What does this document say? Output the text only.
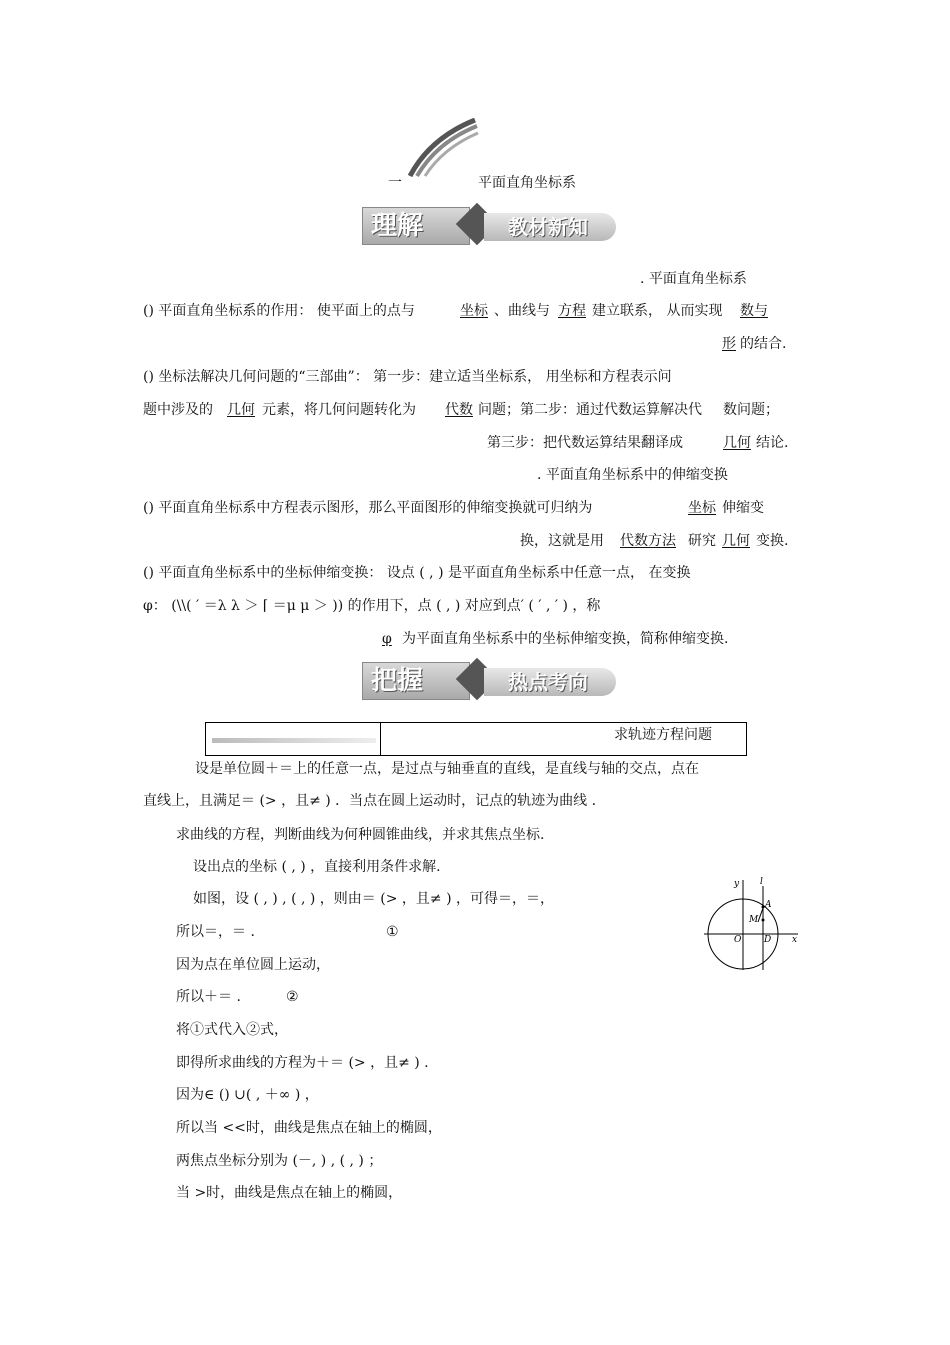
一	平面直角坐标系
理解	教材新知
. 平面直角坐标系
() 平面直角坐标系的作用： 使平面上的点与	坐标 、曲线与 方程 建立联系， 从而实现 数与
形 的结合.
() 坐标法解决几何问题的“三部曲”： 第一步：建立适当坐标系， 用坐标和方程表示问
题中涉及的 几何 元素，将几何问题转化为 代数 问题；第二步：通过代数运算解决代 数问题；
第三步：把代数运算结果翻译成	几何 结论.
. 平面直角坐标系中的伸缩变换
() 平面直角坐标系中方程表示图形，那么平面图形的伸缩变换就可归纳为	坐标 伸缩变
换，这就是用 代数方法 研究 几何 变换.
() 平面直角坐标系中的坐标伸缩变换： 设点 ( , ) 是平面直角坐标系中任意一点， 在变换
φ： (\\( ′ ＝λ λ ＞ ⌈ ＝μ μ ＞ )) 的作用下，点 ( , ) 对应到点′ ( ′ , ′ ) ，称
φ 为平面直角坐标系中的坐标伸缩变换，简称伸缩变换.
把握	热点考向
求轨迹方程问题
设是单位圆＋＝上的任意一点，是过点与轴垂直的直线，是直线与轴的交点，点在
直线上，且满足＝ (> ，且≠ ) ．当点在圆上运动时，记点的轨迹为曲线 .
求曲线的方程，判断曲线为何种圆锥曲线，并求其焦点坐标.
设出点的坐标 ( , ) ，直接利用条件求解.
如图，设 ( , ) , ( , ) ，则由＝ (> ，且≠ ) ，可得＝，＝，
所以＝，＝ .	①
因为点在单位圆上运动，
所以＋＝ .	②
将①式代入②式，
即得所求曲线的方程为＋＝ (> ，且≠ ) .
因为∈ () ∪( , ＋∞ ) ，
所以当 <<时，曲线是焦点在轴上的椭圆，
两焦点坐标分别为 (－, ) , ( , ) ；
当 >时，曲线是焦点在轴上的椭圆，
y l
A
M
O	D x
